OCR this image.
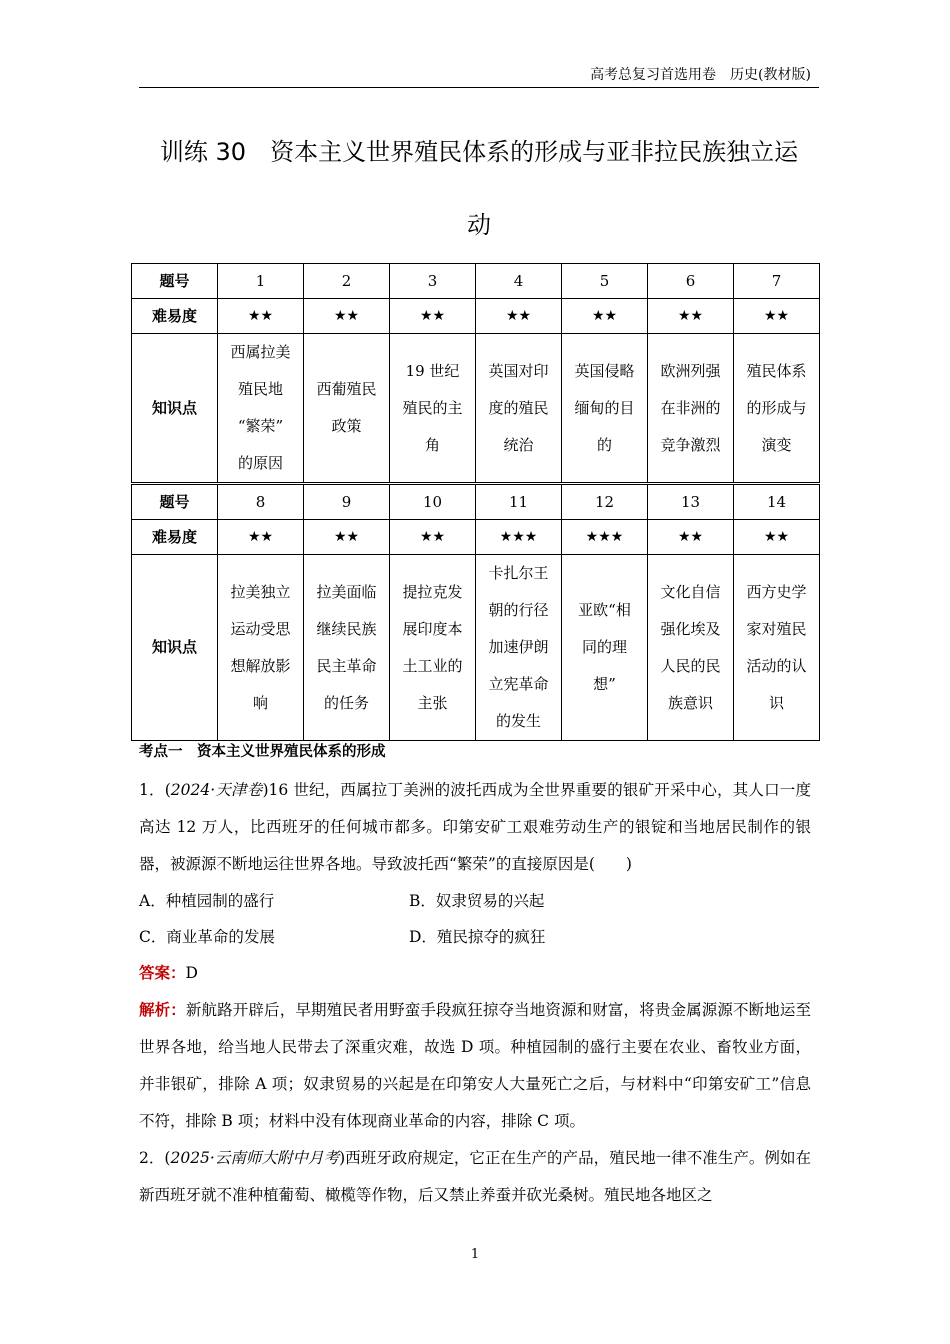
高考总复习首选用卷　历史(教材版)
训练 30　资本主义世界殖民体系的形成与亚非拉民族独立运
动
题号	1	2	3	4	5	6	7
难易度	★★	★★	★★	★★	★★	★★	★★
知识点	西属拉美
殖民地
“繁荣”
的原因	西葡殖民
政策	19 世纪
殖民的主
角	英国对印
度的殖民
统治	英国侵略
缅甸的目
的	欧洲列强
在非洲的
竞争激烈	殖民体系
的形成与
演变
题号	8	9	10	11	12	13	14
难易度	★★	★★	★★	★★★	★★★	★★	★★
知识点	拉美独立
运动受思
想解放影
响	拉美面临
继续民族
民主革命
的任务	提拉克发
展印度本
土工业的
主张	卡扎尔王
朝的行径
加速伊朗
立宪革命
的发生	亚欧“相
同的理
想”	文化自信
强化埃及
人民的民
族意识	西方史学
家对殖民
活动的认
识
考点一　资本主义世界殖民体系的形成
1．(2024·天津卷)16 世纪，西属拉丁美洲的波托西成为全世界重要的银矿开采中心，其人口一度高达 12 万人，比西班牙的任何城市都多。印第安矿工艰难劳动生产的银锭和当地居民制作的银器，被源源不断地运往世界各地。导致波托西“繁荣”的直接原因是(　　)
A．种植园制的盛行	B．奴隶贸易的兴起
C．商业革命的发展	D．殖民掠夺的疯狂
答案：D
解析：新航路开辟后，早期殖民者用野蛮手段疯狂掠夺当地资源和财富，将贵金属源源不断地运至世界各地，给当地人民带去了深重灾难，故选 D 项。种植园制的盛行主要在农业、畜牧业方面，并非银矿，排除 A 项；奴隶贸易的兴起是在印第安人大量死亡之后，与材料中“印第安矿工”信息不符，排除 B 项；材料中没有体现商业革命的内容，排除 C 项。
2．(2025·云南师大附中月考)西班牙政府规定，它正在生产的产品，殖民地一律不准生产。例如在新西班牙就不准种植葡萄、橄榄等作物，后又禁止养蚕并砍光桑树。殖民地各地区之
1
